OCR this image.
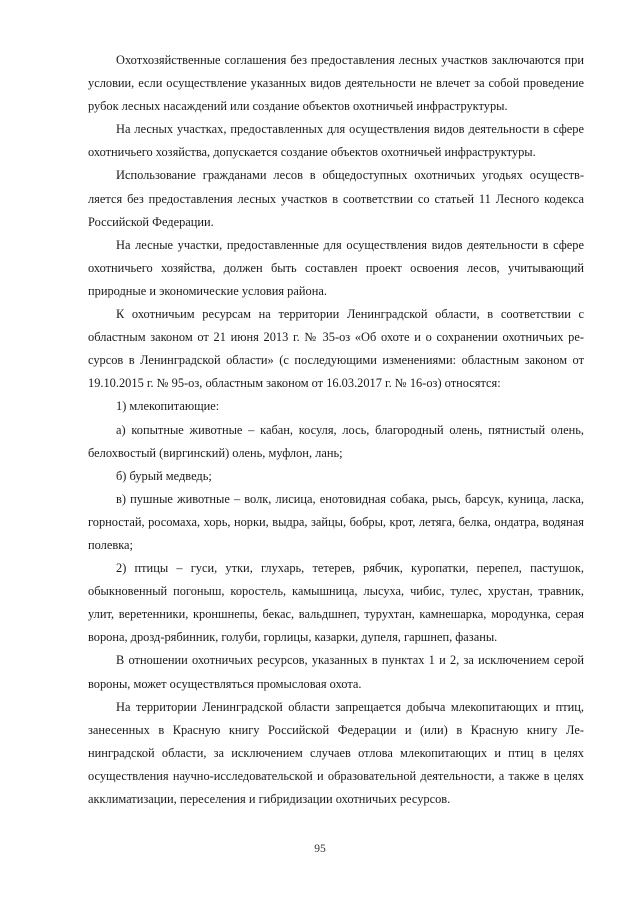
Охотхозяйственные соглашения без предоставления лесных участков заключаются при условии, если осуществление указанных видов деятельности не влечет за собой проведение рубок лесных насаждений или создание объектов охотничьей инфраструктуры.

На лесных участках, предоставленных для осуществления видов деятельности в сфере охотничьего хозяйства, допускается создание объектов охотничьей инфраструктуры.

Использование гражданами лесов в общедоступных охотничьих угодьях осуществляется без предоставления лесных участков в соответствии со статьей 11 Лесного кодекса Российской Федерации.

На лесные участки, предоставленные для осуществления видов деятельности в сфере охотничьего хозяйства, должен быть составлен проект освоения лесов, учитывающий природные и экономические условия района.

К охотничьим ресурсам на территории Ленинградской области, в соответствии с областным законом от 21 июня 2013 г. № 35-оз «Об охоте и о сохранении охотничьих ресурсов в Ленинградской области» (с последующими изменениями: областным законом от 19.10.2015 г. № 95-оз, областным законом от 16.03.2017 г. № 16-оз) относятся:

1) млекопитающие:

а) копытные животные – кабан, косуля, лось, благородный олень, пятнистый олень, белохвостый (виргинский) олень, муфлон, лань;

б) бурый медведь;

в) пушные животные – волк, лисица, енотовидная собака, рысь, барсук, куница, ласка, горностай, росомаха, хорь, норки, выдра, зайцы, бобры, крот, летяга, белка, ондатра, водяная полевка;

2) птицы – гуси, утки, глухарь, тетерев, рябчик, куропатки, перепел, пастушок, обыкновенный погоныш, коростель, камышница, лысуха, чибис, тулес, хрустан, травник, улит, веретенники, кроншнепы, бекас, вальдшнеп, турухтан, камнешарка, мородунка, серая ворона, дрозд-рябинник, голуби, горлицы, казарки, дупеля, гаршнеп, фазаны.

В отношении охотничьих ресурсов, указанных в пунктах 1 и 2, за исключением серой вороны, может осуществляться промысловая охота.

На территории Ленинградской области запрещается добыча млекопитающих и птиц, занесенных в Красную книгу Российской Федерации и (или) в Красную книгу Ленинградской области, за исключением случаев отлова млекопитающих и птиц в целях осуществления научно-исследовательской и образовательной деятельности, а также в целях акклиматизации, переселения и гибридизации охотничьих ресурсов.

95
